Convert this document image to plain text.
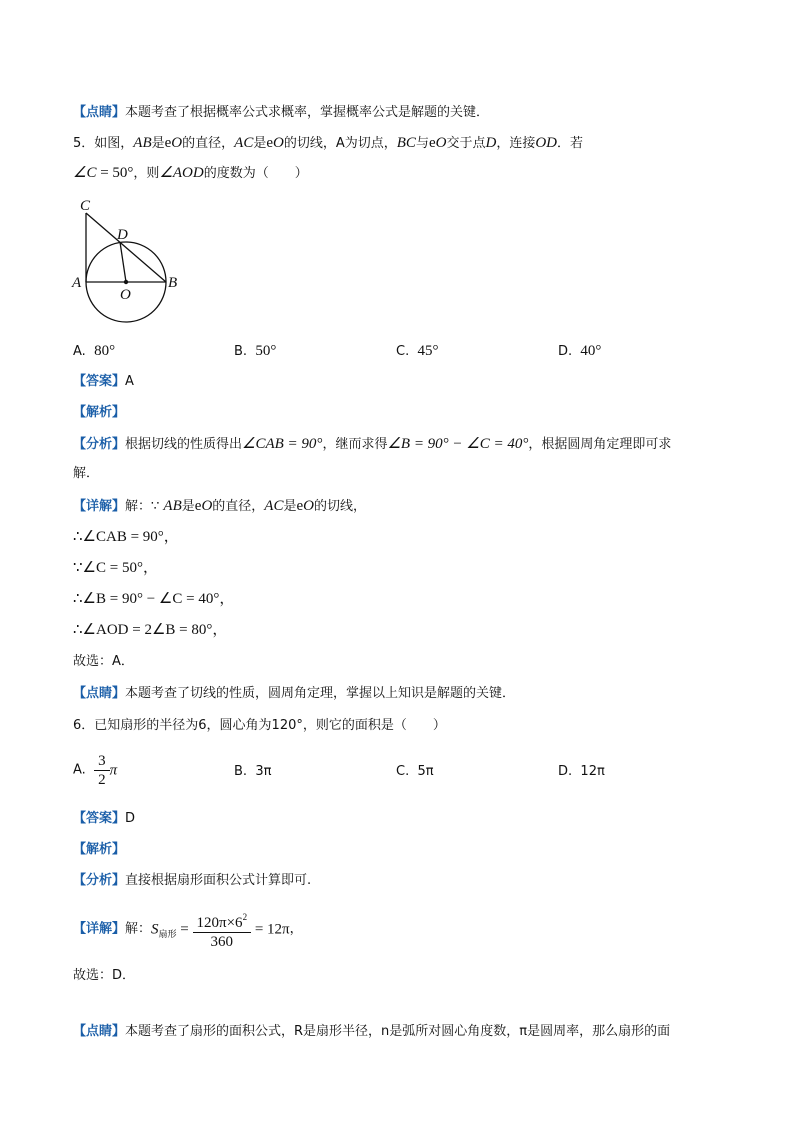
【点睛】本题考查了根据概率公式求概率，掌握概率公式是解题的关键．
5．如图，AB是eO的直径，AC是eO的切线，A为切点，BC与eO交于点D，连接OD．若
∠C = 50°，则∠AOD的度数为（　　）
C
D
A
O
B
A. 80°	B. 50°	C. 45°	D. 40°
【答案】A
【解析】
【分析】根据切线的性质得出∠CAB = 90°，继而求得∠B = 90° − ∠C = 40°，根据圆周角定理即可求
解．
【详解】解：∵ AB是eO的直径，AC是eO的切线，
∴∠CAB = 90°，
∵∠C = 50°，
∴∠B = 90° − ∠C = 40°，
∴∠AOD = 2∠B = 80°，
故选：A．
【点睛】本题考查了切线的性质，圆周角定理，掌握以上知识是解题的关键．
6．已知扇形的半径为6，圆心角为120°，则它的面积是（　　）
A. $\frac{3}{2}$ π	B. 3π	C. 5π	D. 12π
【答案】D
【解析】
【分析】直接根据扇形面积公式计算即可.
【详解】解：$S_{扇形} = \frac{120\pi\times 6^2}{360} = 12\pi$，
故选：D．
【点睛】本题考查了扇形的面积公式，R是扇形半径，n是弧所对圆心角度数，π是圆周率，那么扇形的面
